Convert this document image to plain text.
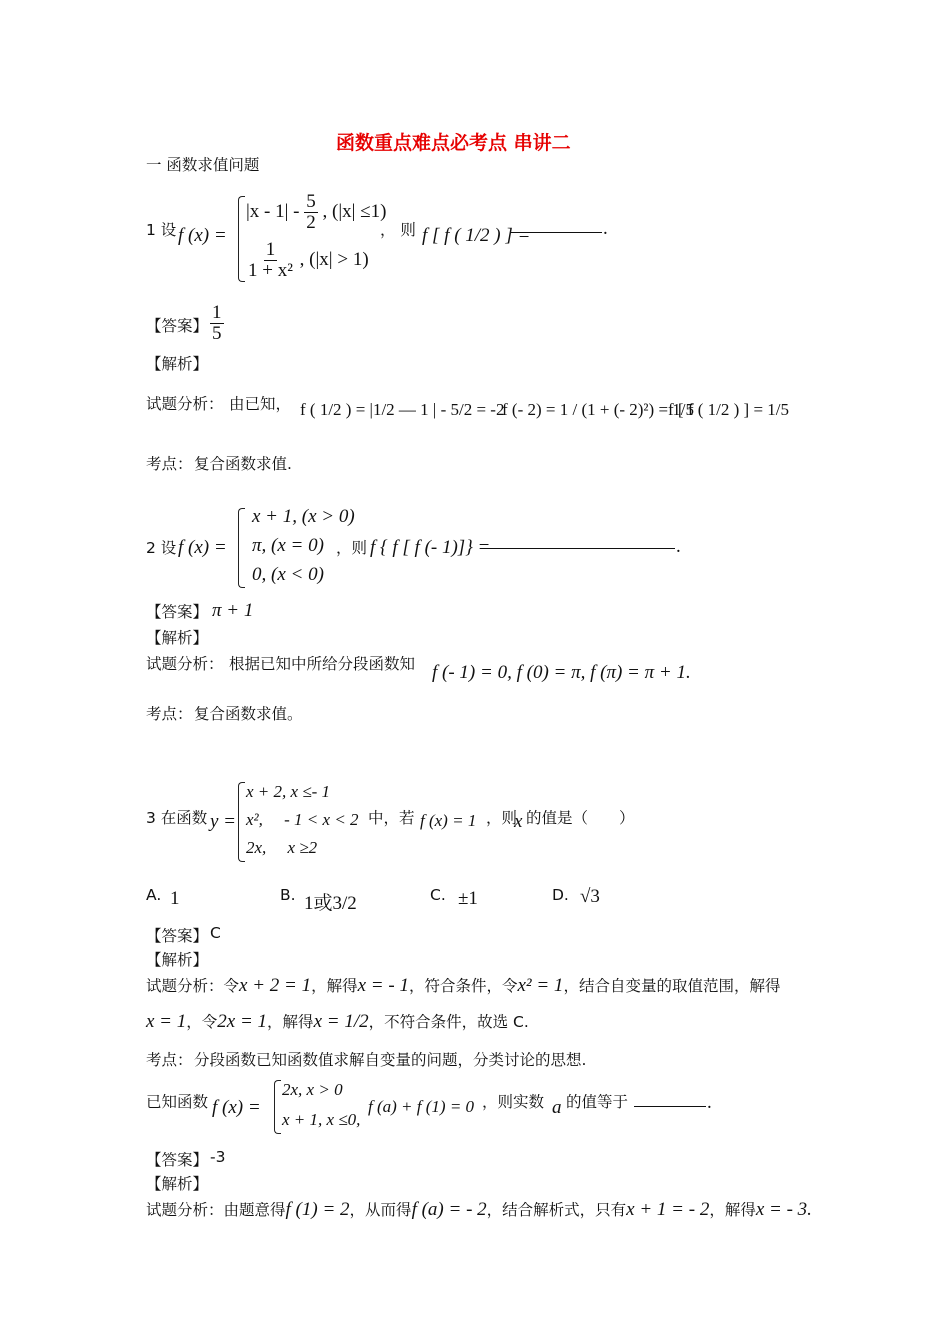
函数重点难点必考点 串讲二
一 函数求值问题
1 设 f (x) =
$|x - 1| - \frac{5}{2}$ , (|x| ≤1)
$\frac{1}{\text{1 + x²}}$ , (|x| > 1)
， 则 f [ f ( 1/2 ) ] =	.
【答案】 $\frac{1}{5}$
【解析】
试题分析： 由已知， f ( 1/2 ) = |1/2 — 1 | - 5/2 = -2
f (- 2) = 1 / (1 + (- 2)²) = 1/5
f [ f ( 1/2 ) ] = 1/5
考点： 复合函数求值.
2 设 f (x) =
x + 1, (x > 0)
π, (x = 0)
0, (x < 0)
，则 f { f [ f (- 1)]} =	.
【答案】 π + 1
【解析】
试题分析： 根据已知中所给分段函数知 f (- 1) = 0, f (0) = π, f (π) = π + 1.
考点： 复合函数求值。
3 在函数 y =
x + 2, x ≤- 1
x²,     - 1 < x < 2
2x,     x ≥2
中，若 f (x) = 1 ，则
x 的值是（　　）
A. 1	B. 1或3/2	C. ±1	D. √3
【答案】 C
【解析】
试题分析：令x + 2 = 1，解得x = - 1，符合条件，令x² = 1，结合自变量的取值范围，解得
x = 1，令2x = 1，解得x = 1/2，不符合条件，故选 C.
考点： 分段函数已知函数值求解自变量的问题，分类讨论的思想.
已知函数 f (x) =
2x, x > 0
x + 1, x ≤0,
f (a) + f (1) = 0 ，则实数 a 的值等于	.
【答案】 -3
【解析】
试题分析：由题意得f (1) = 2，从而得f (a) = - 2，结合解析式，只有x + 1 = - 2，解得x = - 3.
